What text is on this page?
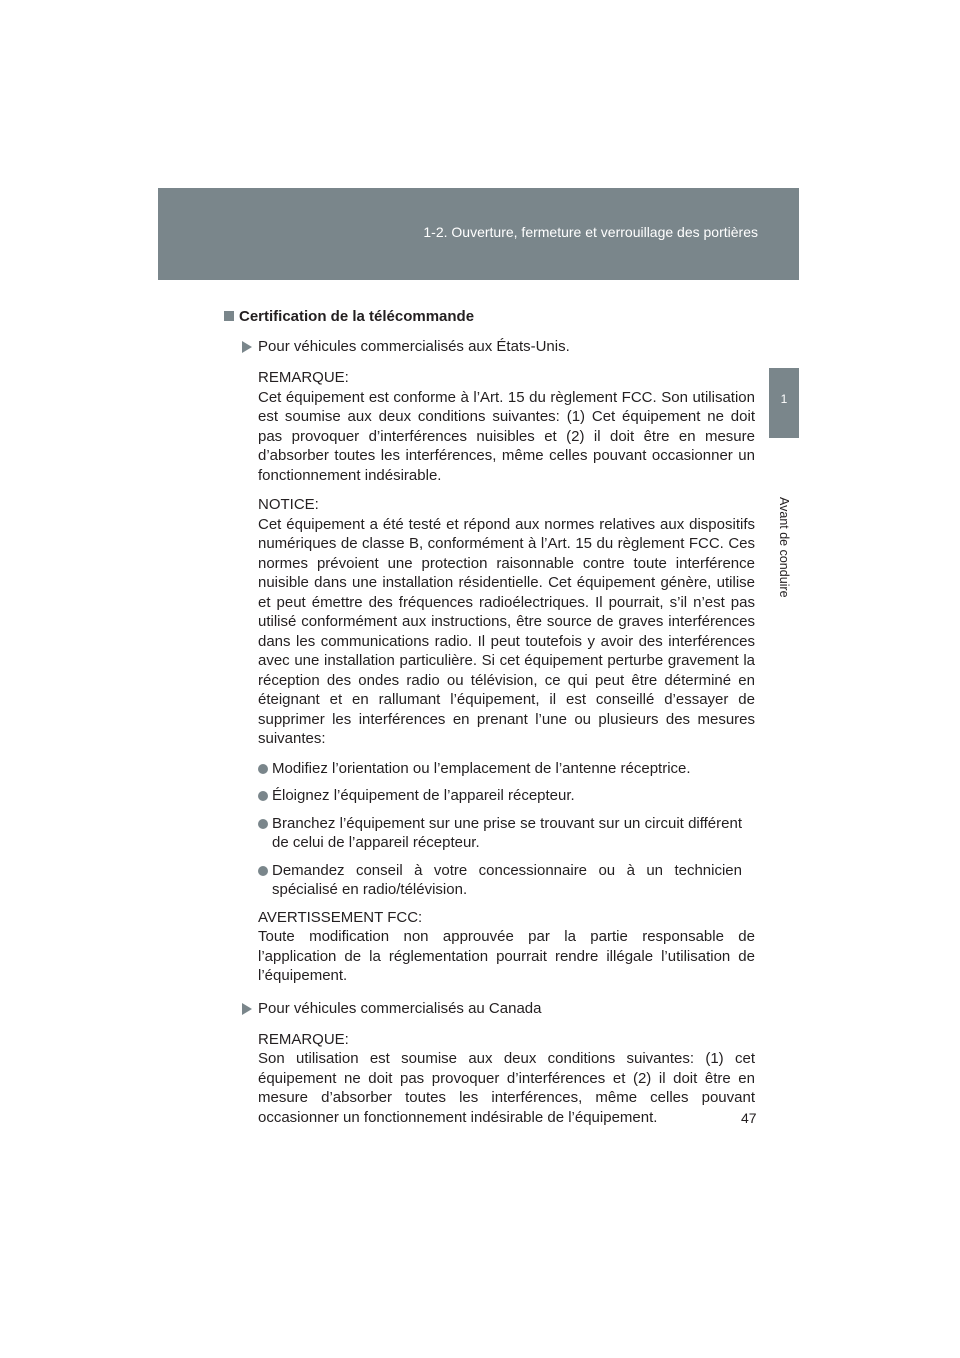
1-2. Ouverture, fermeture et verrouillage des portières
1
Avant de conduire
Certification de la télécommande
Pour véhicules commercialisés aux États-Unis.

REMARQUE:

Cet équipement est conforme à l’Art. 15 du règlement FCC. Son utilisation est soumise aux deux conditions suivantes: (1) Cet équipement ne doit pas provoquer d’interférences nuisibles et (2) il doit être en mesure d’absorber toutes les interférences, même celles pouvant occasionner un fonctionnement indésirable.

NOTICE:

Cet équipement a été testé et répond aux normes relatives aux dispositifs numériques de classe B, conformément à l’Art. 15 du règlement FCC. Ces normes prévoient une protection raisonnable contre toute interférence nuisible dans une installation résidentielle. Cet équipement génère, utilise et peut émettre des fréquences radioélectriques. Il pourrait, s’il n’est pas utilisé conformément aux instructions, être source de graves interférences dans les communications radio. Il peut toutefois y avoir des interférences avec une installation particulière. Si cet équipement perturbe gravement la réception des ondes radio ou télévision, ce qui peut être déterminé en éteignant et en rallumant l’équipement, il est conseillé d’essayer de supprimer les interférences en prenant l’une ou plusieurs des mesures suivantes:

Modifiez l’orientation ou l’emplacement de l’antenne réceptrice.
Éloignez l’équipement de l’appareil récepteur.
Branchez l’équipement sur une prise se trouvant sur un circuit différent de celui de l’appareil récepteur.
Demandez conseil à votre concessionnaire ou à un technicien spécialisé en radio/télévision.

AVERTISSEMENT FCC:

Toute modification non approuvée par la partie responsable de l’application de la réglementation pourrait rendre illégale l’utilisation de l’équipement.

Pour véhicules commercialisés au Canada

REMARQUE:

Son utilisation est soumise aux deux conditions suivantes: (1) cet équipement ne doit pas provoquer d’interférences et (2) il doit être en mesure d’absorber toutes les interférences, même celles pouvant occasionner un fonctionnement indésirable de l’équipement.	47
